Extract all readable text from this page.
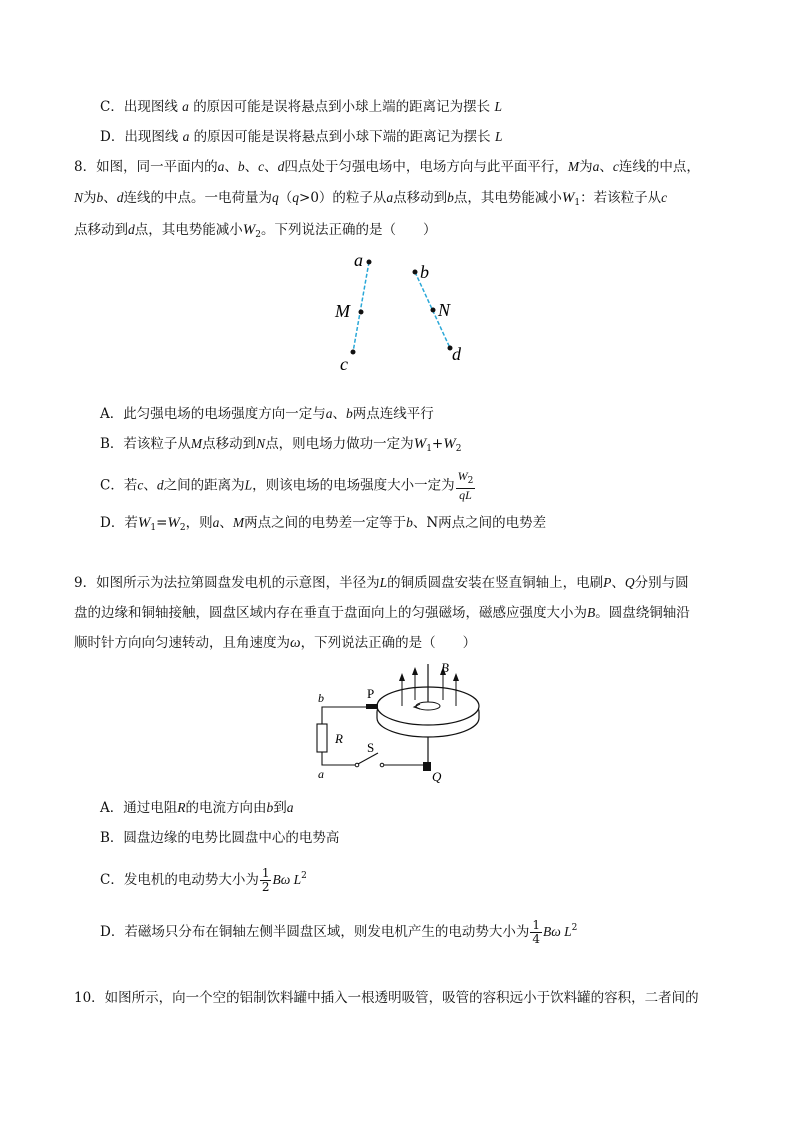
C．出现图线 a 的原因可能是误将悬点到小球上端的距离记为摆长 L
D．出现图线 a 的原因可能是误将悬点到小球下端的距离记为摆长 L
8．如图，同一平面内的a、b、c、d四点处于匀强电场中，电场方向与此平面平行，M为a、c连线的中点，
N为b、d连线的中点。一电荷量为q（q>0）的粒子从a点移动到b点，其电势能减小$W_1$：若该粒子从c
点移动到d点，其电势能减小$W_2$。下列说法正确的是（　　）
a
b
M	N
c	d
A．此匀强电场的电场强度方向一定与a、b两点连线平行
B．若该粒子从M点移动到N点，则电场力做功一定为$W_1+W_2$
C．若c、d之间的距离为L，则该电场的电场强度大小一定为 $\frac{W_2}{qL}$
D．若$W_1=W_2$，则a、M两点之间的电势差一定等于b、N两点之间的电势差
9．如图所示为法拉第圆盘发电机的示意图，半径为L的铜质圆盘安装在竖直铜轴上，电刷P、Q分别与圆
盘的边缘和铜轴接触，圆盘区域内存在垂直于盘面向上的匀强磁场，磁感应强度大小为B。圆盘绕铜轴沿
顺时针方向向匀速转动，且角速度为ω，下列说法正确的是（　　）
B
P
b
R
S
a	Q
A．通过电阻R的电流方向由b到a
B．圆盘边缘的电势比圆盘中心的电势高
C．发电机的电动势大小为 $\frac{1}{2}$ Bω $L^2$
D．若磁场只分布在铜轴左侧半圆盘区域，则发电机产生的电动势大小为 $\frac{1}{4}$ Bω $L^2$
10．如图所示，向一个空的铝制饮料罐中插入一根透明吸管，吸管的容积远小于饮料罐的容积，二者间的
